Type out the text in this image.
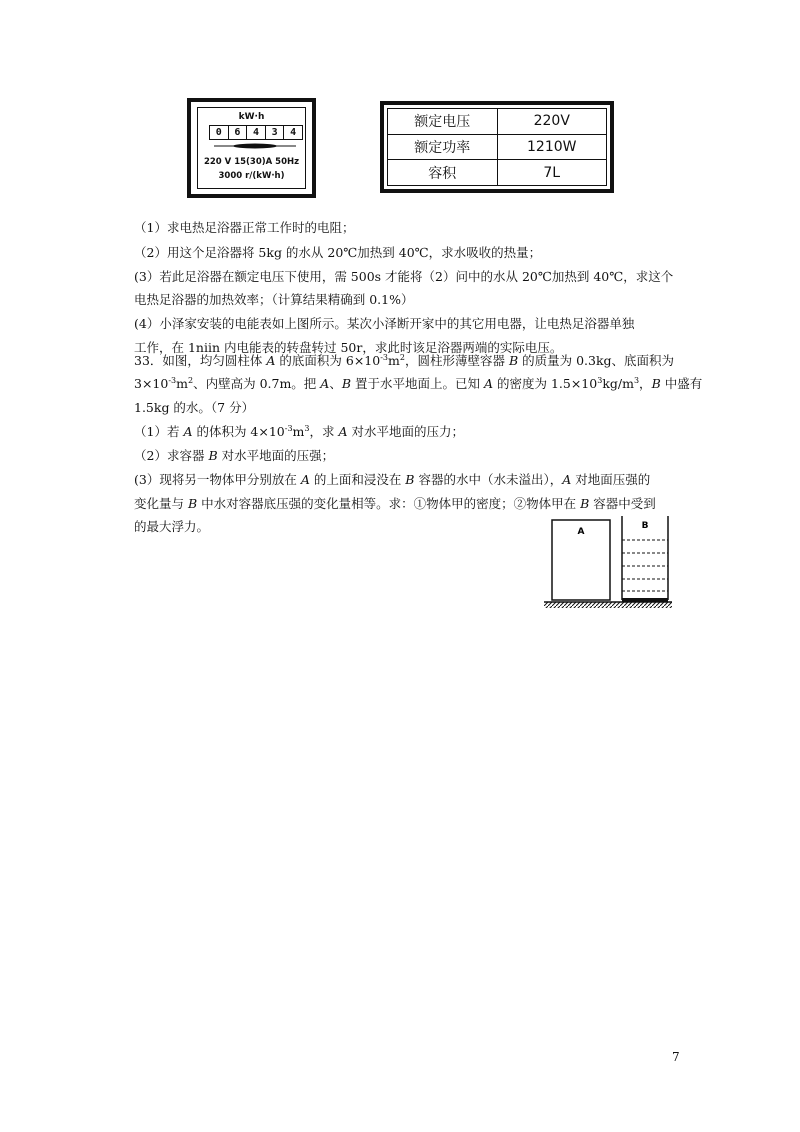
kW·h
0	6	4	3	4
220 V 15(30)A 50Hz
3000 r/(kW·h)
额定电压	220V
额定功率	1210W
容积	7L
（1）求电热足浴器正常工作时的电阻；
（2）用这个足浴器将 5kg 的水从 20℃加热到 40℃，求水吸收的热量；
(3）若此足浴器在额定电压下使用，需 500s 才能将（2）问中的水从 20℃加热到 40℃，求这个
电热足浴器的加热效率；（计算结果精确到 0.1%）
(4）小泽家安装的电能表如上图所示。某次小泽断开家中的其它用电器，让电热足浴器单独
工作，在 1niin 内电能表的转盘转过 50r，求此时该足浴器两端的实际电压。
33．如图，均匀圆柱体 A 的底面积为 $6\times 10^{-3}m^2$，圆柱形薄壁容器 B 的质量为 0.3kg、底面积为
$3\times 10^{-3}m^2$、内壁高为 0.7m。把 A、B 置于水平地面上。已知 A 的密度为 $1.5\times 10^3kg/m^3$，B 中盛有
1.5kg 的水。（7 分）
（1）若 A 的体积为 $4\times 10^{-3}m^3$，求 A 对水平地面的压力；
（2）求容器 B 对水平地面的压强；
(3）现将另一物体甲分别放在 A 的上面和浸没在 B 容器的水中（水未溢出），A 对地面压强的
变化量与 B 中水对容器底压强的变化量相等。求：①物体甲的密度；②物体甲在 B 容器中受到
的最大浮力。	A
B
7
